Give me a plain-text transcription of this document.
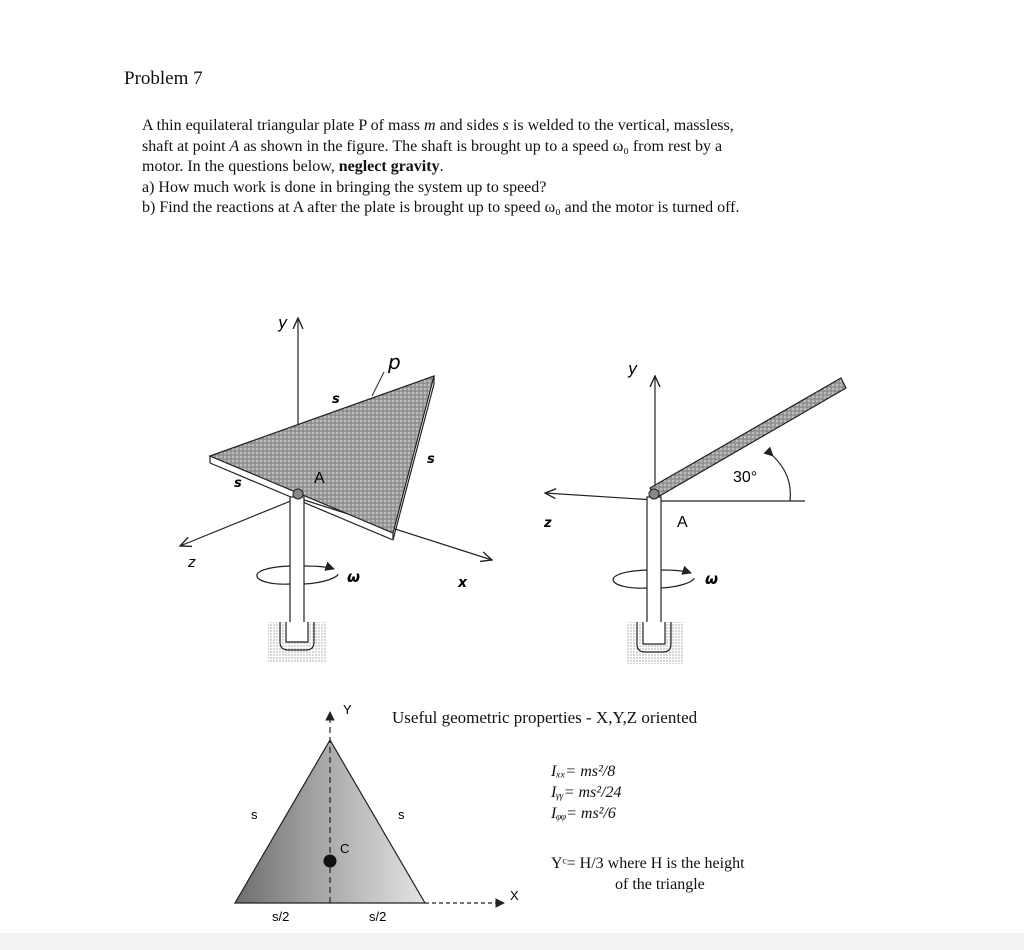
Problem 7

A thin equilateral triangular plate P of mass m and sides s is welded to the vertical, massless,

shaft at point A as shown in the figure. The shaft is brought up to a speed ω₀ from rest by a

motor. In the questions below, neglect gravity.

a) How much work is done in bringing the system up to speed?

b) Find the reactions at A after the plate is brought up to speed ω₀ and the motor is turned off.

y
p
s
s
s	A
z
x
ω
y
30°
z	A
ω
Y
X
C
s	s
s/2	s/2
Useful geometric properties - X,Y,Z oriented
Iₓₓ= ms²/8
Iᵧᵧ= ms²/24
Iᵩᵩ= ms²/6
Yᶜ= H/3 where H is the height
of the triangle
